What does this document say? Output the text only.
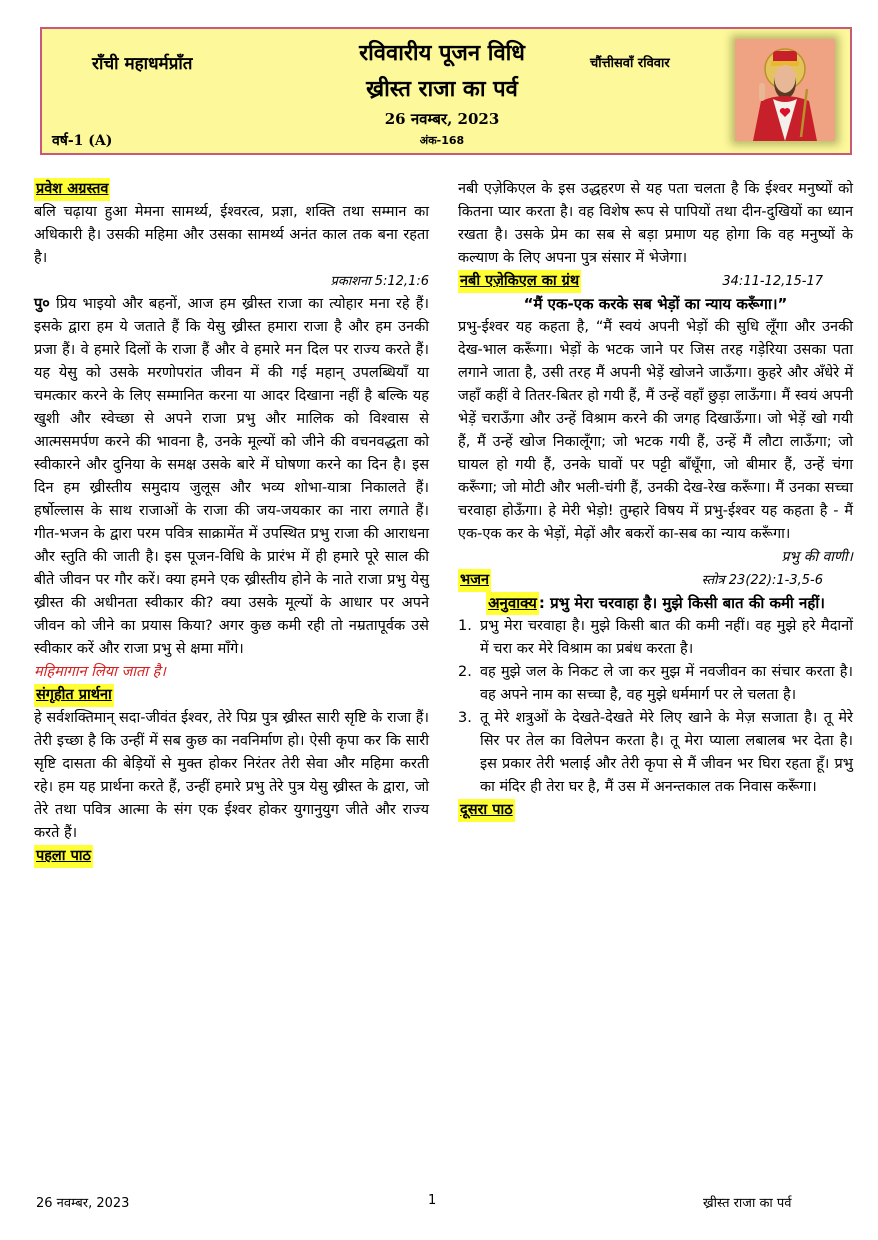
राँची महाधर्मप्राँत
वर्ष-1 (A)
रविवारीय पूजन विधि
ख्रीस्त राजा का पर्व
26 नवम्बर, 2023
अंक-168
चौंत्तीसवाँ रविवार
प्रवेश अग्रस्तव

बलि चढ़ाया हुआ मेमना सामर्थ्य, ईश्वरत्व, प्रज्ञा, शक्ति तथा सम्मान का अधिकारी है। उसकी महिमा और उसका सामर्थ्य अनंत काल तक बना रहता है।

प्रकाशना 5:12,1:6

पु० प्रिय भाइयो और बहनों, आज हम ख्रीस्त राजा का त्योहार मना रहे हैं। इसके द्वारा हम ये जताते हैं कि येसु ख्रीस्त हमारा राजा है और हम उनकी प्रजा हैं। वे हमारे दिलों के राजा हैं और वे हमारे मन दिल पर राज्य करते हैं। यह येसु को उसके मरणोपरांत जीवन में की गई महान् उपलब्धियाँ या चमत्कार करने के लिए सम्मानित करना या आदर दिखाना नहीं है बल्कि यह खुशी और स्वेच्छा से अपने राजा प्रभु और मालिक को विश्वास से आत्मसमर्पण करने की भावना है, उनके मूल्यों को जीने की वचनवद्धता को स्वीकारने और दुनिया के समक्ष उसके बारे में घोषणा करने का दिन है। इस दिन हम ख्रीस्तीय समुदाय जुलूस और भव्य शोभा-यात्रा निकालते हैं। हर्षोल्लास के साथ राजाओं के राजा की जय-जयकार का नारा लगाते हैं। गीत-भजन के द्वारा परम पवित्र साक्रामेंत में उपस्थित प्रभु राजा की आराधना और स्तुति की जाती है। इस पूजन-विधि के प्रारंभ में ही हमारे पूरे साल की बीते जीवन पर गौर करें। क्या हमने एक ख्रीस्तीय होने के नाते राजा प्रभु येसु ख्रीस्त की अधीनता स्वीकार की? क्या उसके मूल्यों के आधार पर अपने जीवन को जीने का प्रयास किया? अगर कुछ कमी रही तो नम्रतापूर्वक उसे स्वीकार करें और राजा प्रभु से क्षमा माँगे।

महिमागान लिया जाता है।

संगृहीत प्रार्थना

हे सर्वशक्तिमान् सदा-जीवंत ईश्वर, तेरे पिय्र पुत्र ख्रीस्त सारी सृष्टि के राजा हैं। तेरी इच्छा है कि उन्हीं में सब कुछ का नवनिर्माण हो। ऐसी कृपा कर कि सारी सृष्टि दासता की बेड़ियों से मुक्त होकर निरंतर तेरी सेवा और महिमा करती रहे। हम यह प्रार्थना करते हैं, उन्हीं हमारे प्रभु तेरे पुत्र येसु ख्रीस्त के द्वारा, जो तेरे तथा पवित्र आत्मा के संग एक ईश्वर होकर युगानुयुग जीते और राज्य करते हैं।

पहला पाठ

नबी एज़ेकिएल के इस उद्धहरण से यह पता चलता है कि ईश्वर मनुष्यों को कितना प्यार करता है। वह विशेष रूप से पापियों तथा दीन-दुखियों का ध्यान रखता है। उसके प्रेम का सब से बड़ा प्रमाण यह होगा कि वह मनुष्यों के कल्याण के लिए अपना पुत्र संसार में भेजेगा।

नबी एज़ेकिएल का ग्रंथ	34:11-12,15-17

“मैं एक-एक करके सब भेड़ों का न्याय करूँगा।”

प्रभु-ईश्वर यह कहता है, “मैं स्वयं अपनी भेड़ों की सुधि लूँगा और उनकी देख-भाल करूँगा। भेड़ों के भटक जाने पर जिस तरह गड़ेरिया उसका पता लगाने जाता है, उसी तरह मैं अपनी भेड़ें खोजने जाऊँगा। कुहरे और अँधेरे में जहाँ कहीं वे तितर-बितर हो गयी हैं, मैं उन्हें वहाँ छुड़ा लाऊँगा। मैं स्वयं अपनी भेड़ें चराऊँगा और उन्हें विश्राम करने की जगह दिखाऊँगा। जो भेड़ें खो गयी हैं, मैं उन्हें खोज निकालूँगा; जो भटक गयी हैं, उन्हें मैं लौटा लाऊँगा; जो घायल हो गयी हैं, उनके घावों पर पट्टी बाँधूँगा, जो बीमार हैं, उन्हें चंगा करूँगा; जो मोटी और भली-चंगी हैं, उनकी देख-रेख करूँगा। मैं उनका सच्चा चरवाहा होऊँगा। हे मेरी भेड़ो! तुम्हारे विषय में प्रभु-ईश्वर यह कहता है - मैं एक-एक कर के भेड़ों, मेढ़ों और बकरों का-सब का न्याय करूँगा।

प्रभु की वाणी।

भजन	स्तोत्र 23(22):1-3,5-6

अनुवाक्य : प्रभु मेरा चरवाहा है। मुझे किसी बात की कमी नहीं।

1. प्रभु मेरा चरवाहा है। मुझे किसी बात की कमी नहीं। वह मुझे हरे मैदानों में चरा कर मेरे विश्राम का प्रबंध करता है।
2. वह मुझे जल के निकट ले जा कर मुझ में नवजीवन का संचार करता है। वह अपने नाम का सच्चा है, वह मुझे धर्ममार्ग पर ले चलता है।
3. तू मेरे शत्रुओं के देखते-देखते मेरे लिए खाने के मेज़ सजाता है। तू मेरे सिर पर तेल का विलेपन करता है। तू मेरा प्याला लबालब भर देता है। इस प्रकार तेरी भलाई और तेरी कृपा से मैं जीवन भर घिरा रहता हूँ। प्रभु का मंदिर ही तेरा घर है, मैं उस में अनन्तकाल तक निवास करूँगा।
दूसरा पाठ
26 नवम्बर, 2023	1	ख्रीस्त राजा का पर्व
